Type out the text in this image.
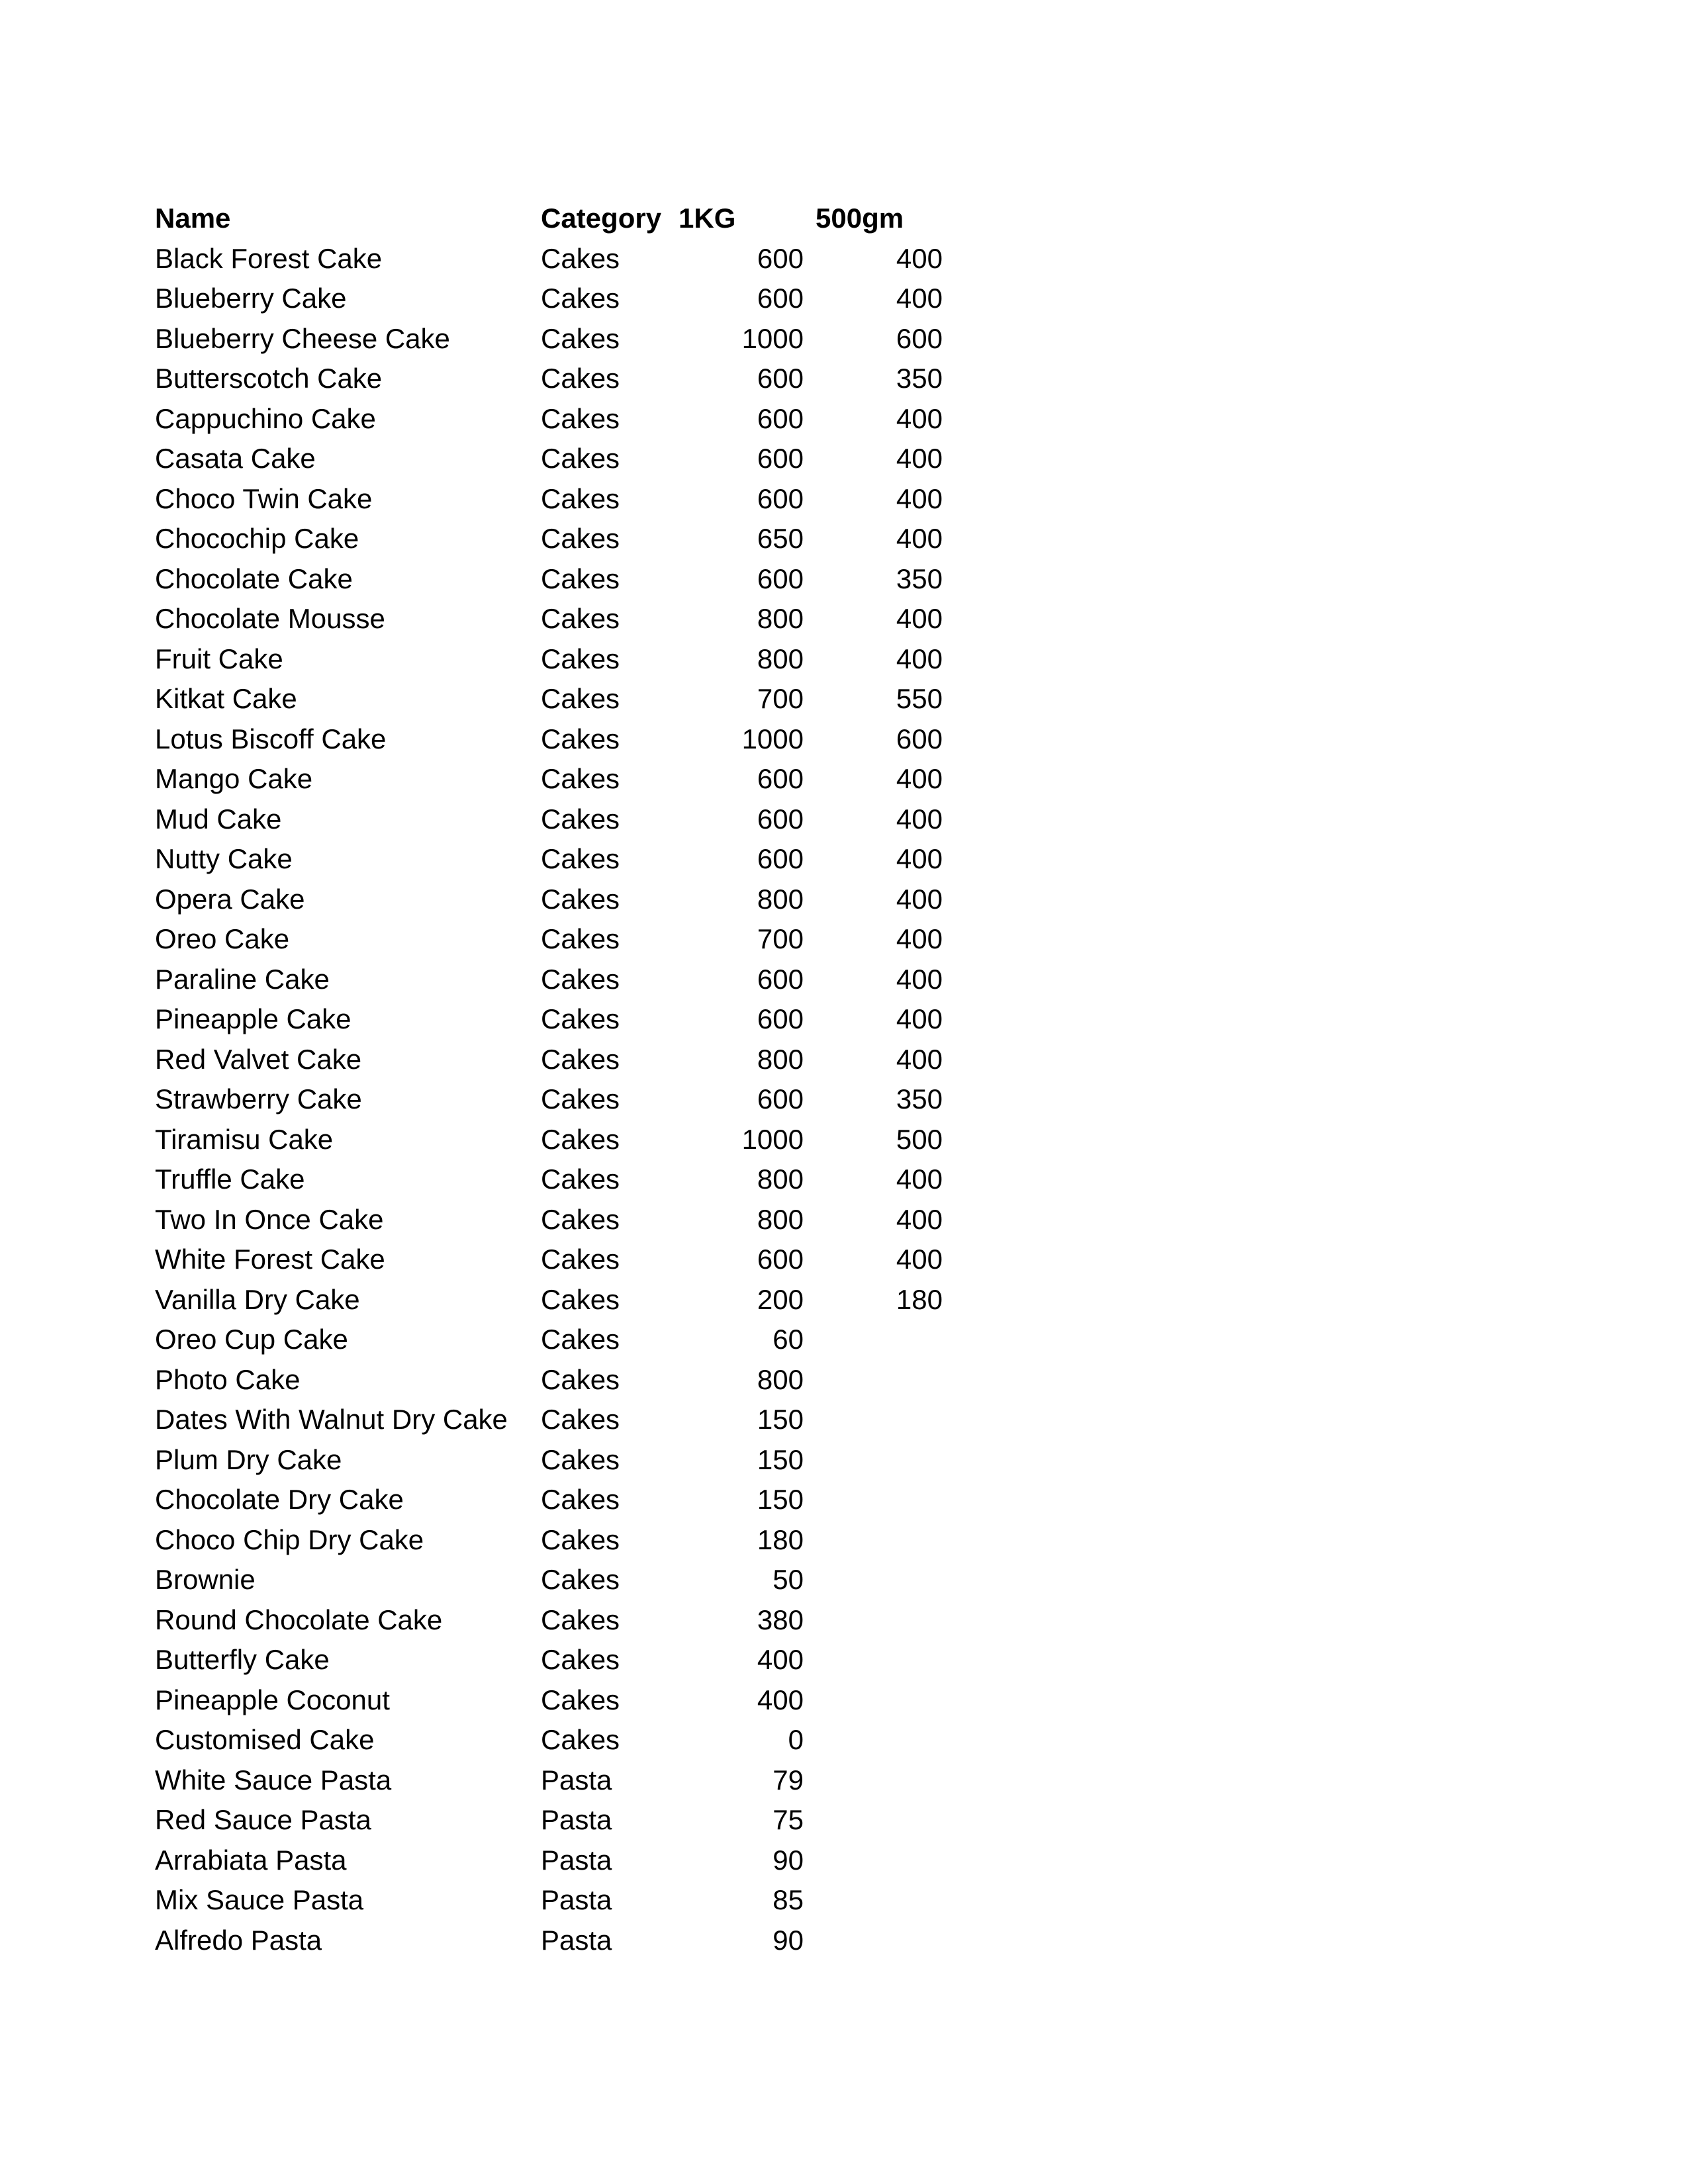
Name	Category 1KG	500gm
Black Forest Cake	Cakes	600	400
Blueberry Cake	Cakes	600	400
Blueberry Cheese Cake	Cakes	1000	600
Butterscotch Cake	Cakes	600	350
Cappuchino Cake	Cakes	600	400
Casata Cake	Cakes	600	400
Choco Twin Cake	Cakes	600	400
Chocochip Cake	Cakes	650	400
Chocolate Cake	Cakes	600	350
Chocolate Mousse	Cakes	800	400
Fruit Cake	Cakes	800	400
Kitkat Cake	Cakes	700	550
Lotus Biscoff Cake	Cakes	1000	600
Mango Cake	Cakes	600	400
Mud Cake	Cakes	600	400
Nutty Cake	Cakes	600	400
Opera Cake	Cakes	800	400
Oreo Cake	Cakes	700	400
Paraline Cake	Cakes	600	400
Pineapple Cake	Cakes	600	400
Red Valvet Cake	Cakes	800	400
Strawberry Cake	Cakes	600	350
Tiramisu Cake	Cakes	1000	500
Truffle Cake	Cakes	800	400
Two In Once Cake	Cakes	800	400
White Forest Cake	Cakes	600	400
Vanilla Dry Cake	Cakes	200	180
Oreo Cup Cake	Cakes	60
Photo Cake	Cakes	800
Dates With Walnut Dry Cake	Cakes	150
Plum Dry Cake	Cakes	150
Chocolate Dry Cake	Cakes	150
Choco Chip Dry Cake	Cakes	180
Brownie	Cakes	50
Round Chocolate Cake	Cakes	380
Butterfly Cake	Cakes	400
Pineapple Coconut	Cakes	400
Customised Cake	Cakes	0
White Sauce Pasta	Pasta	79
Red Sauce Pasta	Pasta	75
Arrabiata Pasta	Pasta	90
Mix Sauce Pasta	Pasta	85
Alfredo Pasta	Pasta	90
